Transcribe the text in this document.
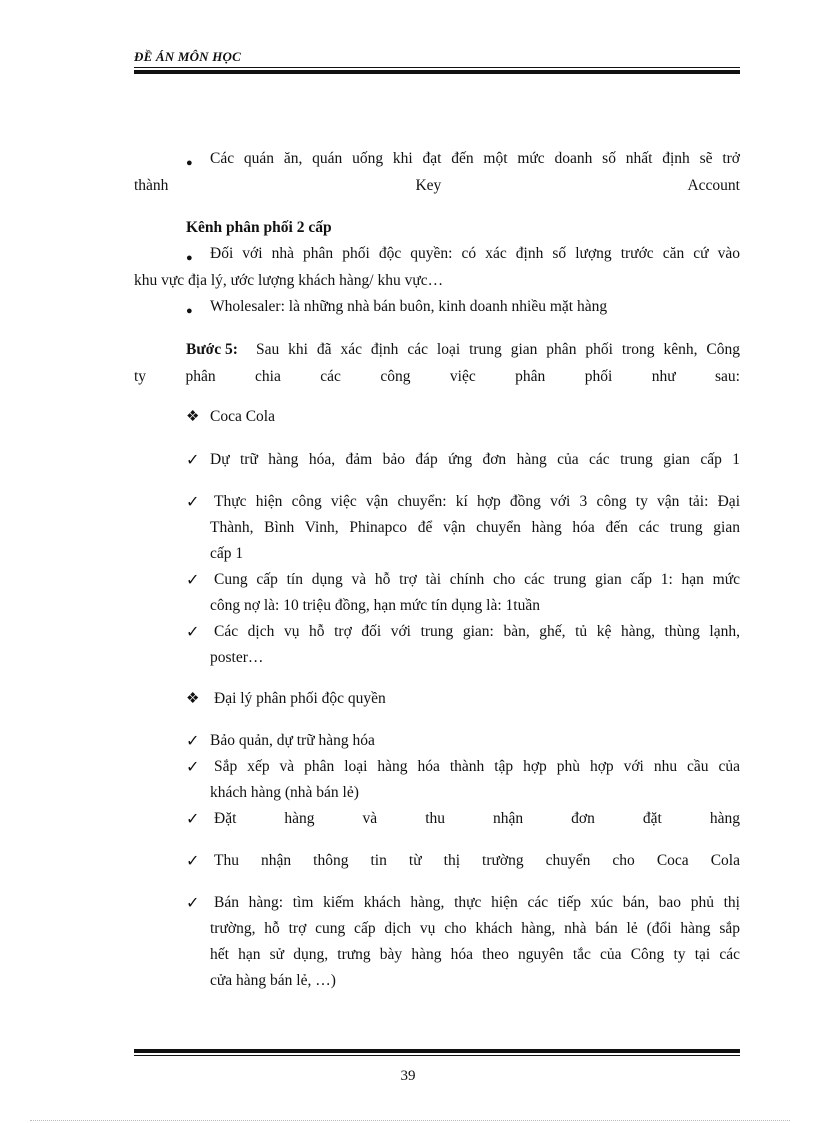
ĐỀ ÁN MÔN HỌC
● Các quán ăn, quán uống khi đạt đến một mức doanh số nhất định sẽ trở
thành Key Account
Kênh phân phối 2 cấp
● Đối với nhà phân phối độc quyền: có xác định số lượng trước căn cứ vào
khu vực địa lý, ước lượng khách hàng/ khu vực…
● Wholesaler: là những nhà bán buôn, kinh doanh nhiều mặt hàng
Bước 5: Sau khi đã xác định các loại trung gian phân phối trong kênh, Công
ty phân chia các công việc phân phối như sau:
❖ Coca Cola
✓ Dự trữ hàng hóa, đảm bảo đáp ứng đơn hàng của các trung gian cấp 1
✓ Thực hiện công việc vận chuyển: kí hợp đồng với 3 công ty vận tải: Đại
Thành, Bình Vinh, Phinapco để vận chuyển hàng hóa đến các trung gian
cấp 1
✓ Cung cấp tín dụng và hỗ trợ tài chính cho các trung gian cấp 1: hạn mức
công nợ là: 10 triệu đồng, hạn mức tín dụng là: 1tuần
✓ Các dịch vụ hỗ trợ đối với trung gian: bàn, ghế, tủ kệ hàng, thùng lạnh,
poster…
❖ Đại lý phân phối độc quyền
✓ Bảo quản, dự trữ hàng hóa
✓ Sắp xếp và phân loại hàng hóa thành tập hợp phù hợp với nhu cầu của
khách hàng (nhà bán lẻ)
✓ Đặt hàng và thu nhận đơn đặt hàng
✓ Thu nhận thông tin từ thị trường chuyển cho Coca Cola
✓ Bán hàng: tìm kiếm khách hàng, thực hiện các tiếp xúc bán, bao phủ thị
trường, hỗ trợ cung cấp dịch vụ cho khách hàng, nhà bán lẻ (đổi hàng sắp
hết hạn sử dụng, trưng bày hàng hóa theo nguyên tắc của Công ty tại các
cửa hàng bán lẻ, …)
39
